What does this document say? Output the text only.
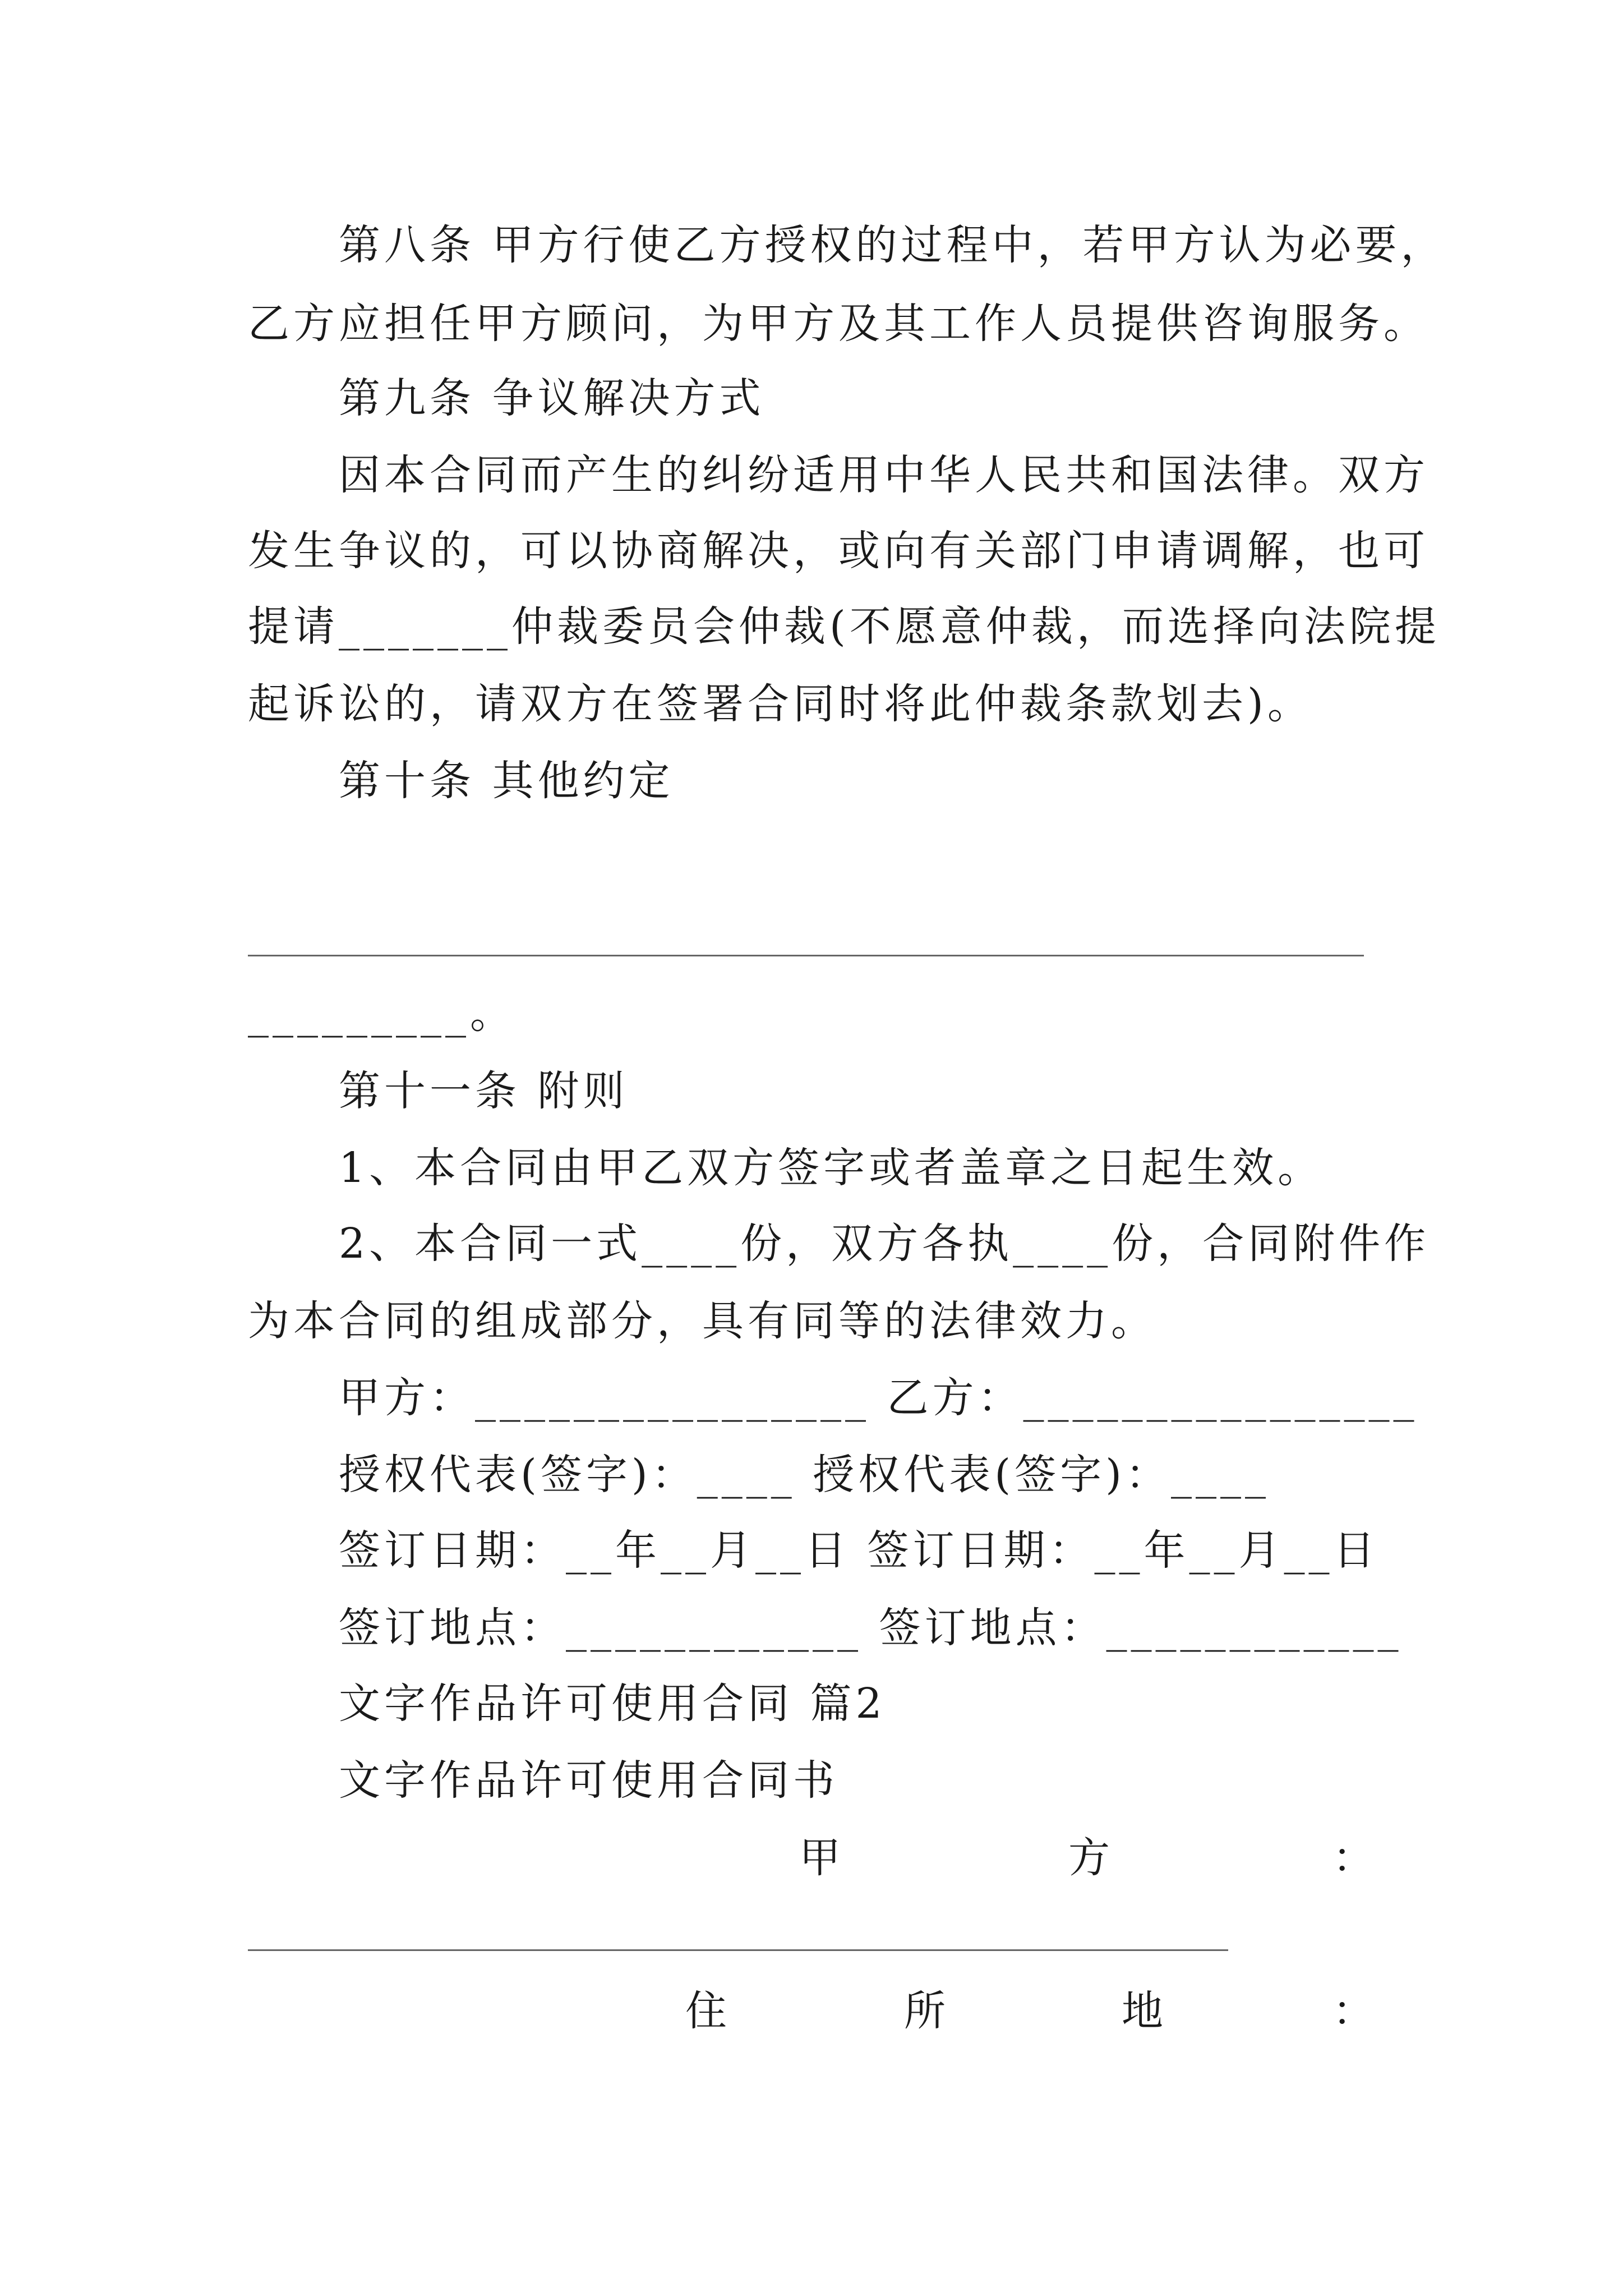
第八条 甲方行使乙方授权的过程中，若甲方认为必要，
乙方应担任甲方顾问，为甲方及其工作人员提供咨询服务。
第九条 争议解决方式
因本合同而产生的纠纷适用中华人民共和国法律。双方
发生争议的，可以协商解决，或向有关部门申请调解，也可
提请_______仲裁委员会仲裁(不愿意仲裁，而选择向法院提
起诉讼的，请双方在签署合同时将此仲裁条款划去)。
第十条 其他约定
_________。
第十一条 附则
1、本合同由甲乙双方签字或者盖章之日起生效。
2、本合同一式____份，双方各执____份，合同附件作
为本合同的组成部分，具有同等的法律效力。
甲方：________________ 乙方：________________
授权代表(签字)：____ 授权代表(签字)：____
签订日期：__年__月__日 签订日期：__年__月__日
签订地点：____________ 签订地点：____________
文字作品许可使用合同 篇2
文字作品许可使用合同书
甲	方	：
住	所	地	：
